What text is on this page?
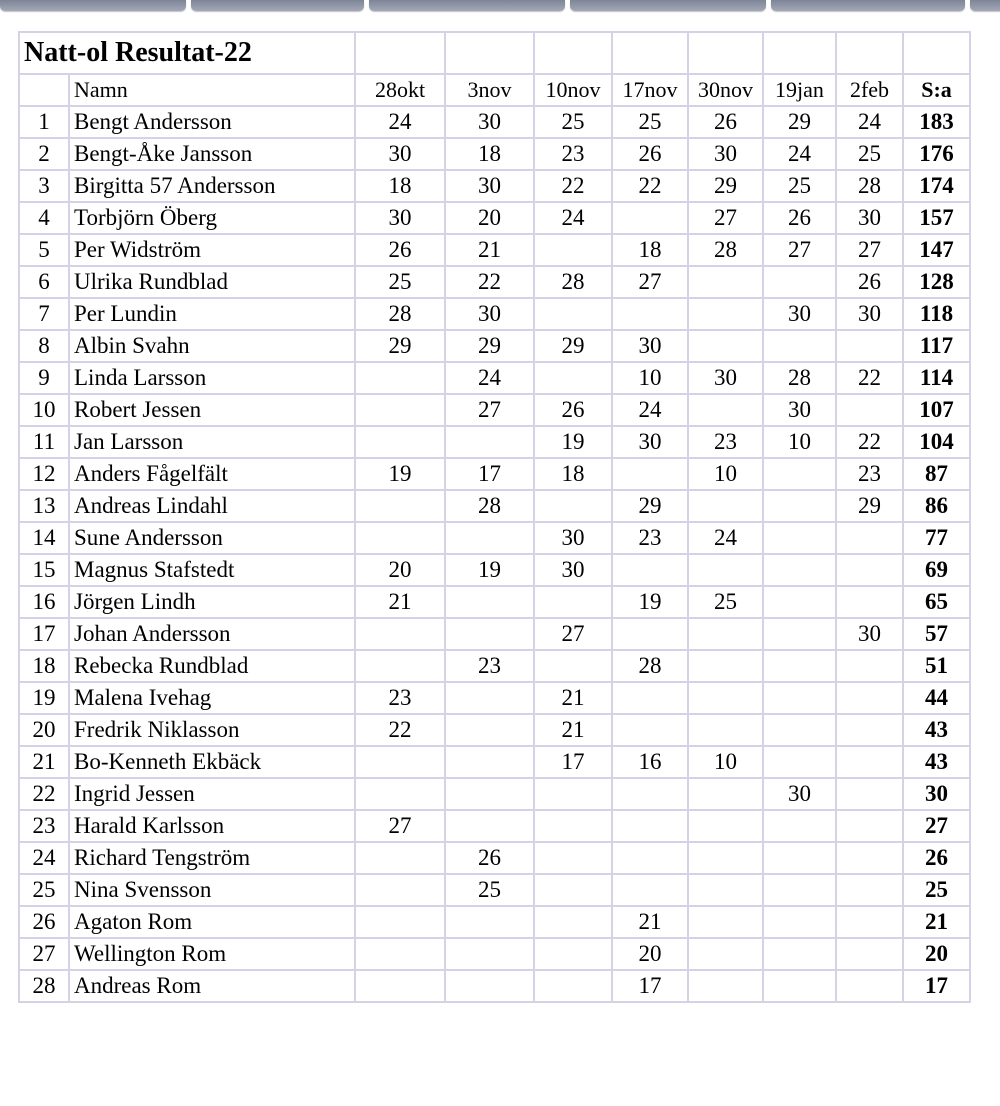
Natt-ol Resultat-22									
	Namn	28okt	3nov	10nov	17nov	30nov	19jan	2feb	S:a
1	Bengt Andersson	24	30	25	25	26	29	24	183
2	Bengt-Åke Jansson	30	18	23	26	30	24	25	176
3	Birgitta 57 Andersson	18	30	22	22	29	25	28	174
4	Torbjörn Öberg	30	20	24		27	26	30	157
5	Per Widström	26	21		18	28	27	27	147
6	Ulrika Rundblad	25	22	28	27			26	128
7	Per Lundin	28	30				30	30	118
8	Albin Svahn	29	29	29	30				117
9	Linda Larsson		24		10	30	28	22	114
10	Robert Jessen		27	26	24		30		107
11	Jan Larsson			19	30	23	10	22	104
12	Anders Fågelfält	19	17	18		10		23	87
13	Andreas Lindahl		28		29			29	86
14	Sune Andersson			30	23	24			77
15	Magnus Stafstedt	20	19	30					69
16	Jörgen Lindh	21			19	25			65
17	Johan Andersson			27				30	57
18	Rebecka Rundblad		23		28				51
19	Malena Ivehag	23		21					44
20	Fredrik Niklasson	22		21					43
21	Bo-Kenneth Ekbäck			17	16	10			43
22	Ingrid Jessen						30		30
23	Harald Karlsson	27							27
24	Richard Tengström		26						26
25	Nina Svensson		25						25
26	Agaton Rom				21				21
27	Wellington Rom				20				20
28	Andreas Rom				17				17
